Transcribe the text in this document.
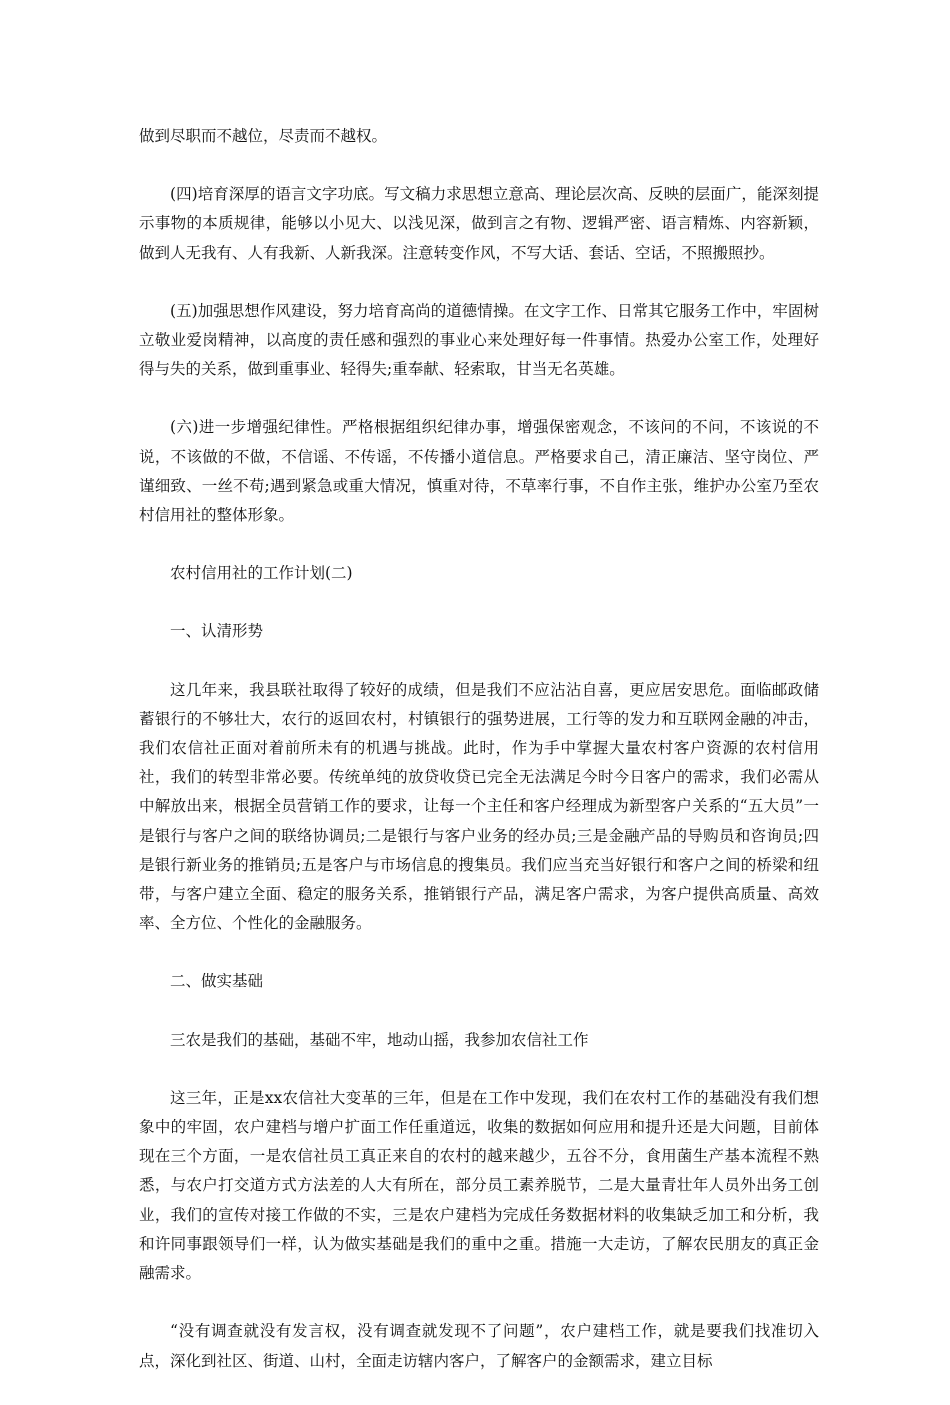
做到尽职而不越位，尽责而不越权。

(四)培育深厚的语言文字功底。写文稿力求思想立意高、理论层次高、反映的层面广，能深刻提示事物的本质规律，能够以小见大、以浅见深，做到言之有物、逻辑严密、语言精炼、内容新颖，做到人无我有、人有我新、人新我深。注意转变作风，不写大话、套话、空话，不照搬照抄。

(五)加强思想作风建设，努力培育高尚的道德情操。在文字工作、日常其它服务工作中，牢固树立敬业爱岗精神，以高度的责任感和强烈的事业心来处理好每一件事情。热爱办公室工作，处理好得与失的关系，做到重事业、轻得失;重奉献、轻索取，甘当无名英雄。

(六)进一步增强纪律性。严格根据组织纪律办事，增强保密观念，不该问的不问，不该说的不说，不该做的不做，不信谣、不传谣，不传播小道信息。严格要求自己，清正廉洁、坚守岗位、严谨细致、一丝不苟;遇到紧急或重大情况，慎重对待，不草率行事，不自作主张，维护办公室乃至农村信用社的整体形象。

农村信用社的工作计划(二)

一、认清形势

这几年来，我县联社取得了较好的成绩，但是我们不应沾沾自喜，更应居安思危。面临邮政储蓄银行的不够壮大，农行的返回农村，村镇银行的强势进展，工行等的发力和互联网金融的冲击，我们农信社正面对着前所未有的机遇与挑战。此时，作为手中掌握大量农村客户资源的农村信用社，我们的转型非常必要。传统单纯的放贷收贷已完全无法满足今时今日客户的需求，我们必需从中解放出来，根据全员营销工作的要求，让每一个主任和客户经理成为新型客户关系的“五大员”一是银行与客户之间的联络协调员;二是银行与客户业务的经办员;三是金融产品的导购员和咨询员;四是银行新业务的推销员;五是客户与市场信息的搜集员。我们应当充当好银行和客户之间的桥梁和纽带，与客户建立全面、稳定的服务关系，推销银行产品，满足客户需求，为客户提供高质量、高效率、全方位、个性化的金融服务。

二、做实基础

三农是我们的基础，基础不牢，地动山摇，我参加农信社工作

这三年，正是xx农信社大变革的三年，但是在工作中发现，我们在农村工作的基础没有我们想象中的牢固，农户建档与增户扩面工作任重道远，收集的数据如何应用和提升还是大问题，目前体现在三个方面，一是农信社员工真正来自的农村的越来越少，五谷不分，食用菌生产基本流程不熟悉，与农户打交道方式方法差的人大有所在，部分员工素养脱节，二是大量青壮年人员外出务工创业，我们的宣传对接工作做的不实，三是农户建档为完成任务数据材料的收集缺乏加工和分析，我和许同事跟领导们一样，认为做实基础是我们的重中之重。措施一大走访，了解农民朋友的真正金融需求。

“没有调查就没有发言权，没有调查就发现不了问题”，农户建档工作，就是要我们找准切入点，深化到社区、街道、山村，全面走访辖内客户，了解客户的金额需求，建立目标
